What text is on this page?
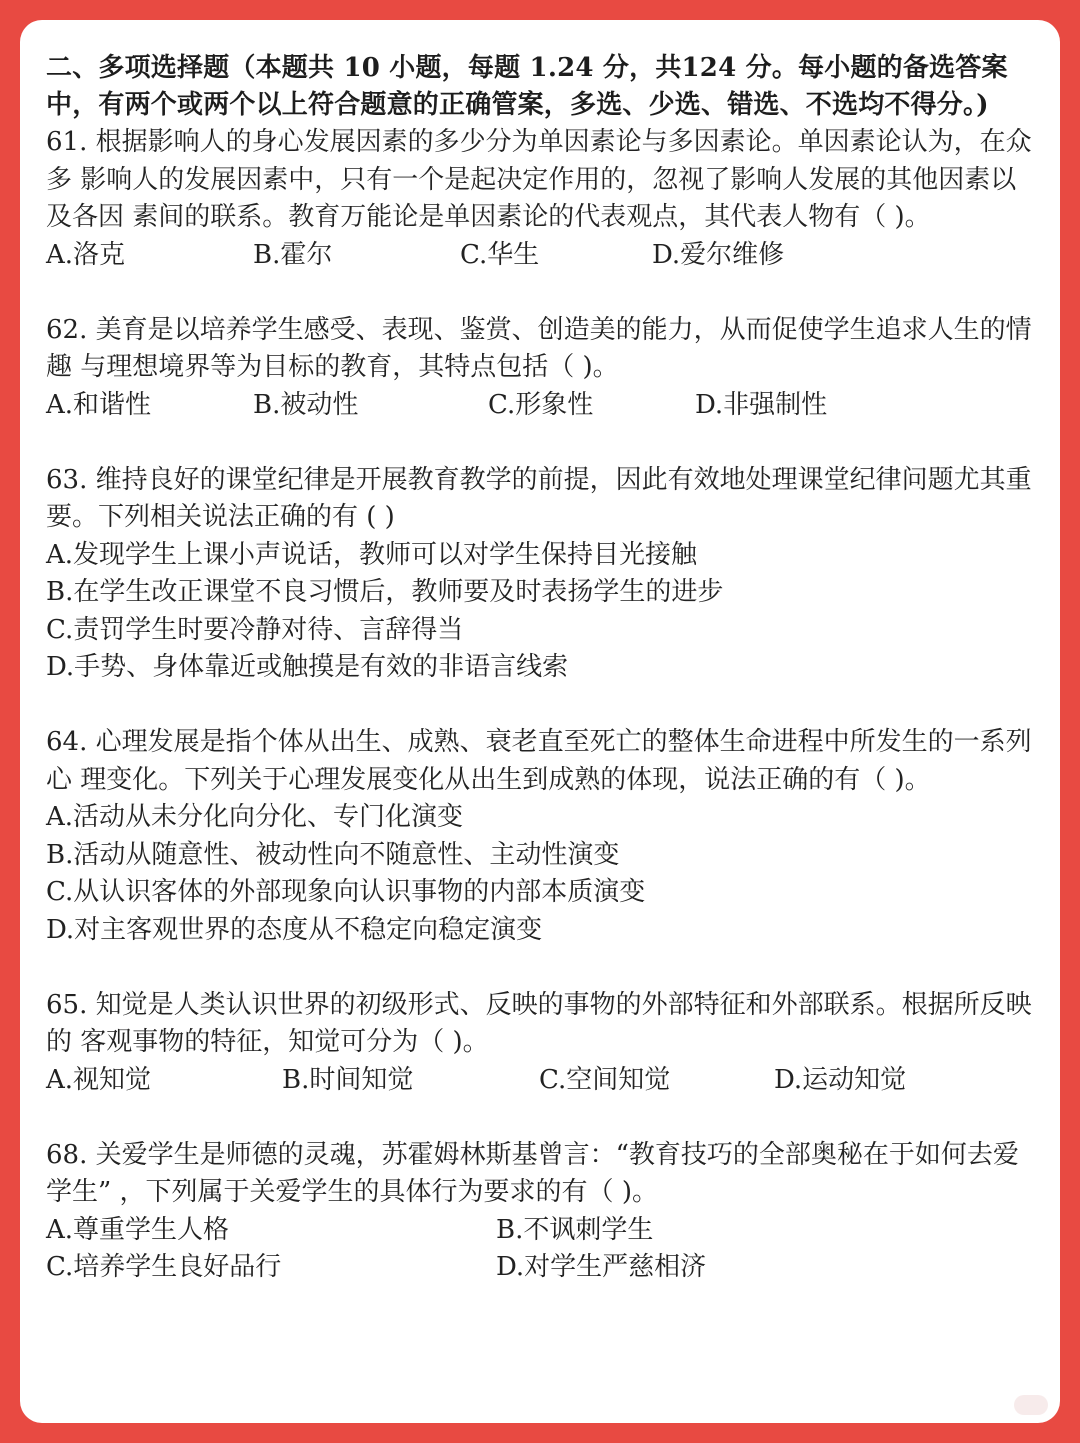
二、多项选择题（本题共 10 小题，每题 1.24 分，共124 分。每小题的备选答案中，有两个或两个以上符合题意的正确管案，多选、少选、错选、不选均不得分。)

61. 根据影响人的身心发展因素的多少分为单因素论与多因素论。单因素论认为，在众多 影响人的发展因素中，只有一个是起决定作用的，忽视了影响人发展的其他因素以及各因 素间的联系。教育万能论是单因素论的代表观点，其代表人物有（ )。

A.洛克	B.霍尔	C.华生	D.爱尔维修

62. 美育是以培养学生感受、表现、鉴赏、创造美的能力，从而促使学生追求人生的情趣 与理想境界等为目标的教育，其特点包括（ )。

A.和谐性	B.被动性	C.形象性	D.非强制性

63. 维持良好的课堂纪律是开展教育教学的前提，因此有效地处理课堂纪律问题尤其重 要。下列相关说法正确的有 ( )

A.发现学生上课小声说话，教师可以对学生保持目光接触
B.在学生改正课堂不良习惯后，教师要及时表扬学生的进步
C.责罚学生时要冷静对待、言辞得当
D.手势、身体靠近或触摸是有效的非语言线索

64. 心理发展是指个体从出生、成熟、衰老直至死亡的整体生命进程中所发生的一系列心 理变化。下列关于心理发展变化从出生到成熟的体现，说法正确的有（ )。

A.活动从未分化向分化、专门化演变
B.活动从随意性、被动性向不随意性、主动性演变
C.从认识客体的外部现象向认识事物的内部本质演变
D.对主客观世界的态度从不稳定向稳定演变

65. 知觉是人类认识世界的初级形式、反映的事物的外部特征和外部联系。根据所反映的 客观事物的特征，知觉可分为（ )。

A.视知觉	B.时间知觉	C.空间知觉	D.运动知觉

68. 关爱学生是师德的灵魂，苏霍姆林斯基曾言：“教育技巧的全部奥秘在于如何去爱学生” ，下列属于关爱学生的具体行为要求的有（ )。

A.尊重学生人格	B.不讽刺学生
C.培养学生良好品行	D.对学生严慈相济
